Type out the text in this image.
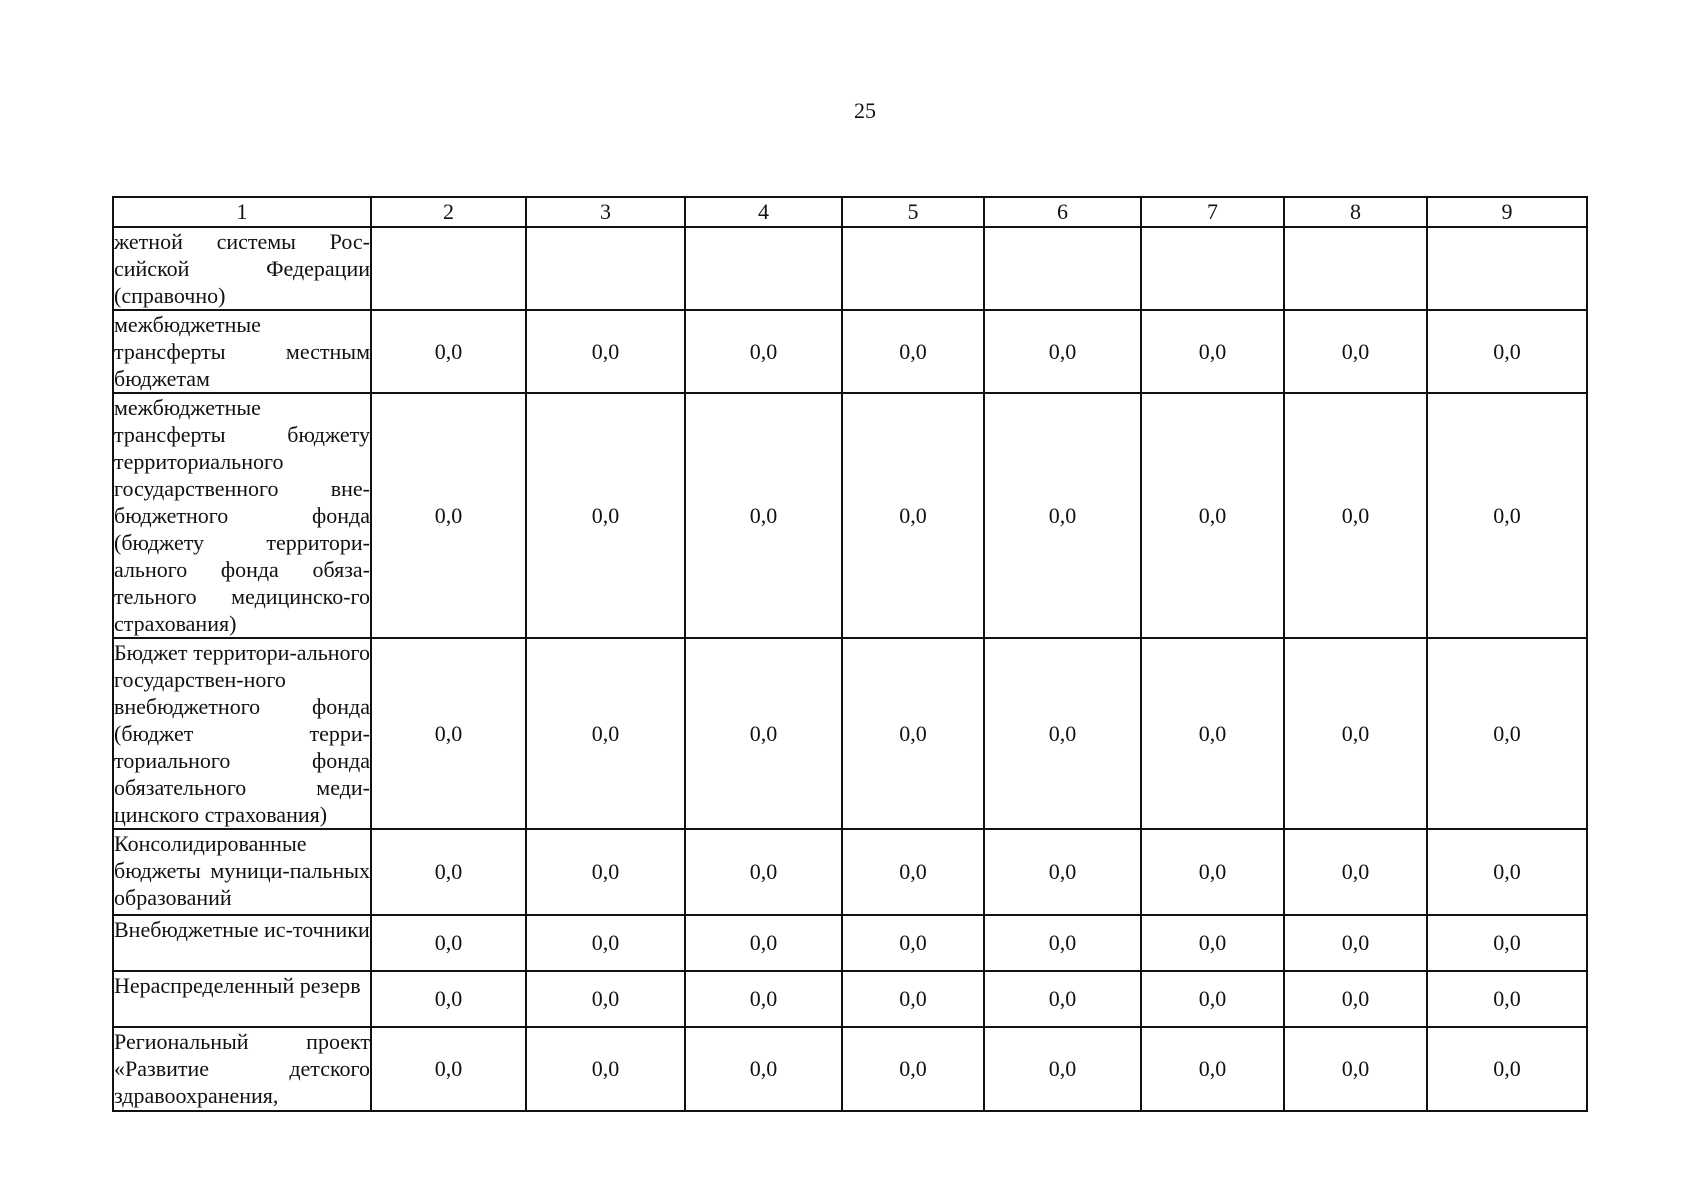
25
1	2	3	4	5	6	7	8	9
жетной системы Рос-сийской Федерации (справочно)								
межбюджетные трансферты местным бюджетам	0,0	0,0	0,0	0,0	0,0	0,0	0,0	0,0
межбюджетные трансферты бюджету территориального государственного вне-бюджетного фонда (бюджету территори-ального фонда обяза-тельного медицинско-го страхования)	0,0	0,0	0,0	0,0	0,0	0,0	0,0	0,0
Бюджет территори-ального государствен-ного внебюджетного фонда (бюджет терри-ториального фонда обязательного меди-цинского страхования)	0,0	0,0	0,0	0,0	0,0	0,0	0,0	0,0
Консолидированные бюджеты муници-пальных образований	0,0	0,0	0,0	0,0	0,0	0,0	0,0	0,0
Внебюджетные ис-точники	0,0	0,0	0,0	0,0	0,0	0,0	0,0	0,0
Нераспределенный резерв	0,0	0,0	0,0	0,0	0,0	0,0	0,0	0,0
Региональный проект «Развитие детского здравоохранения,	0,0	0,0	0,0	0,0	0,0	0,0	0,0	0,0
